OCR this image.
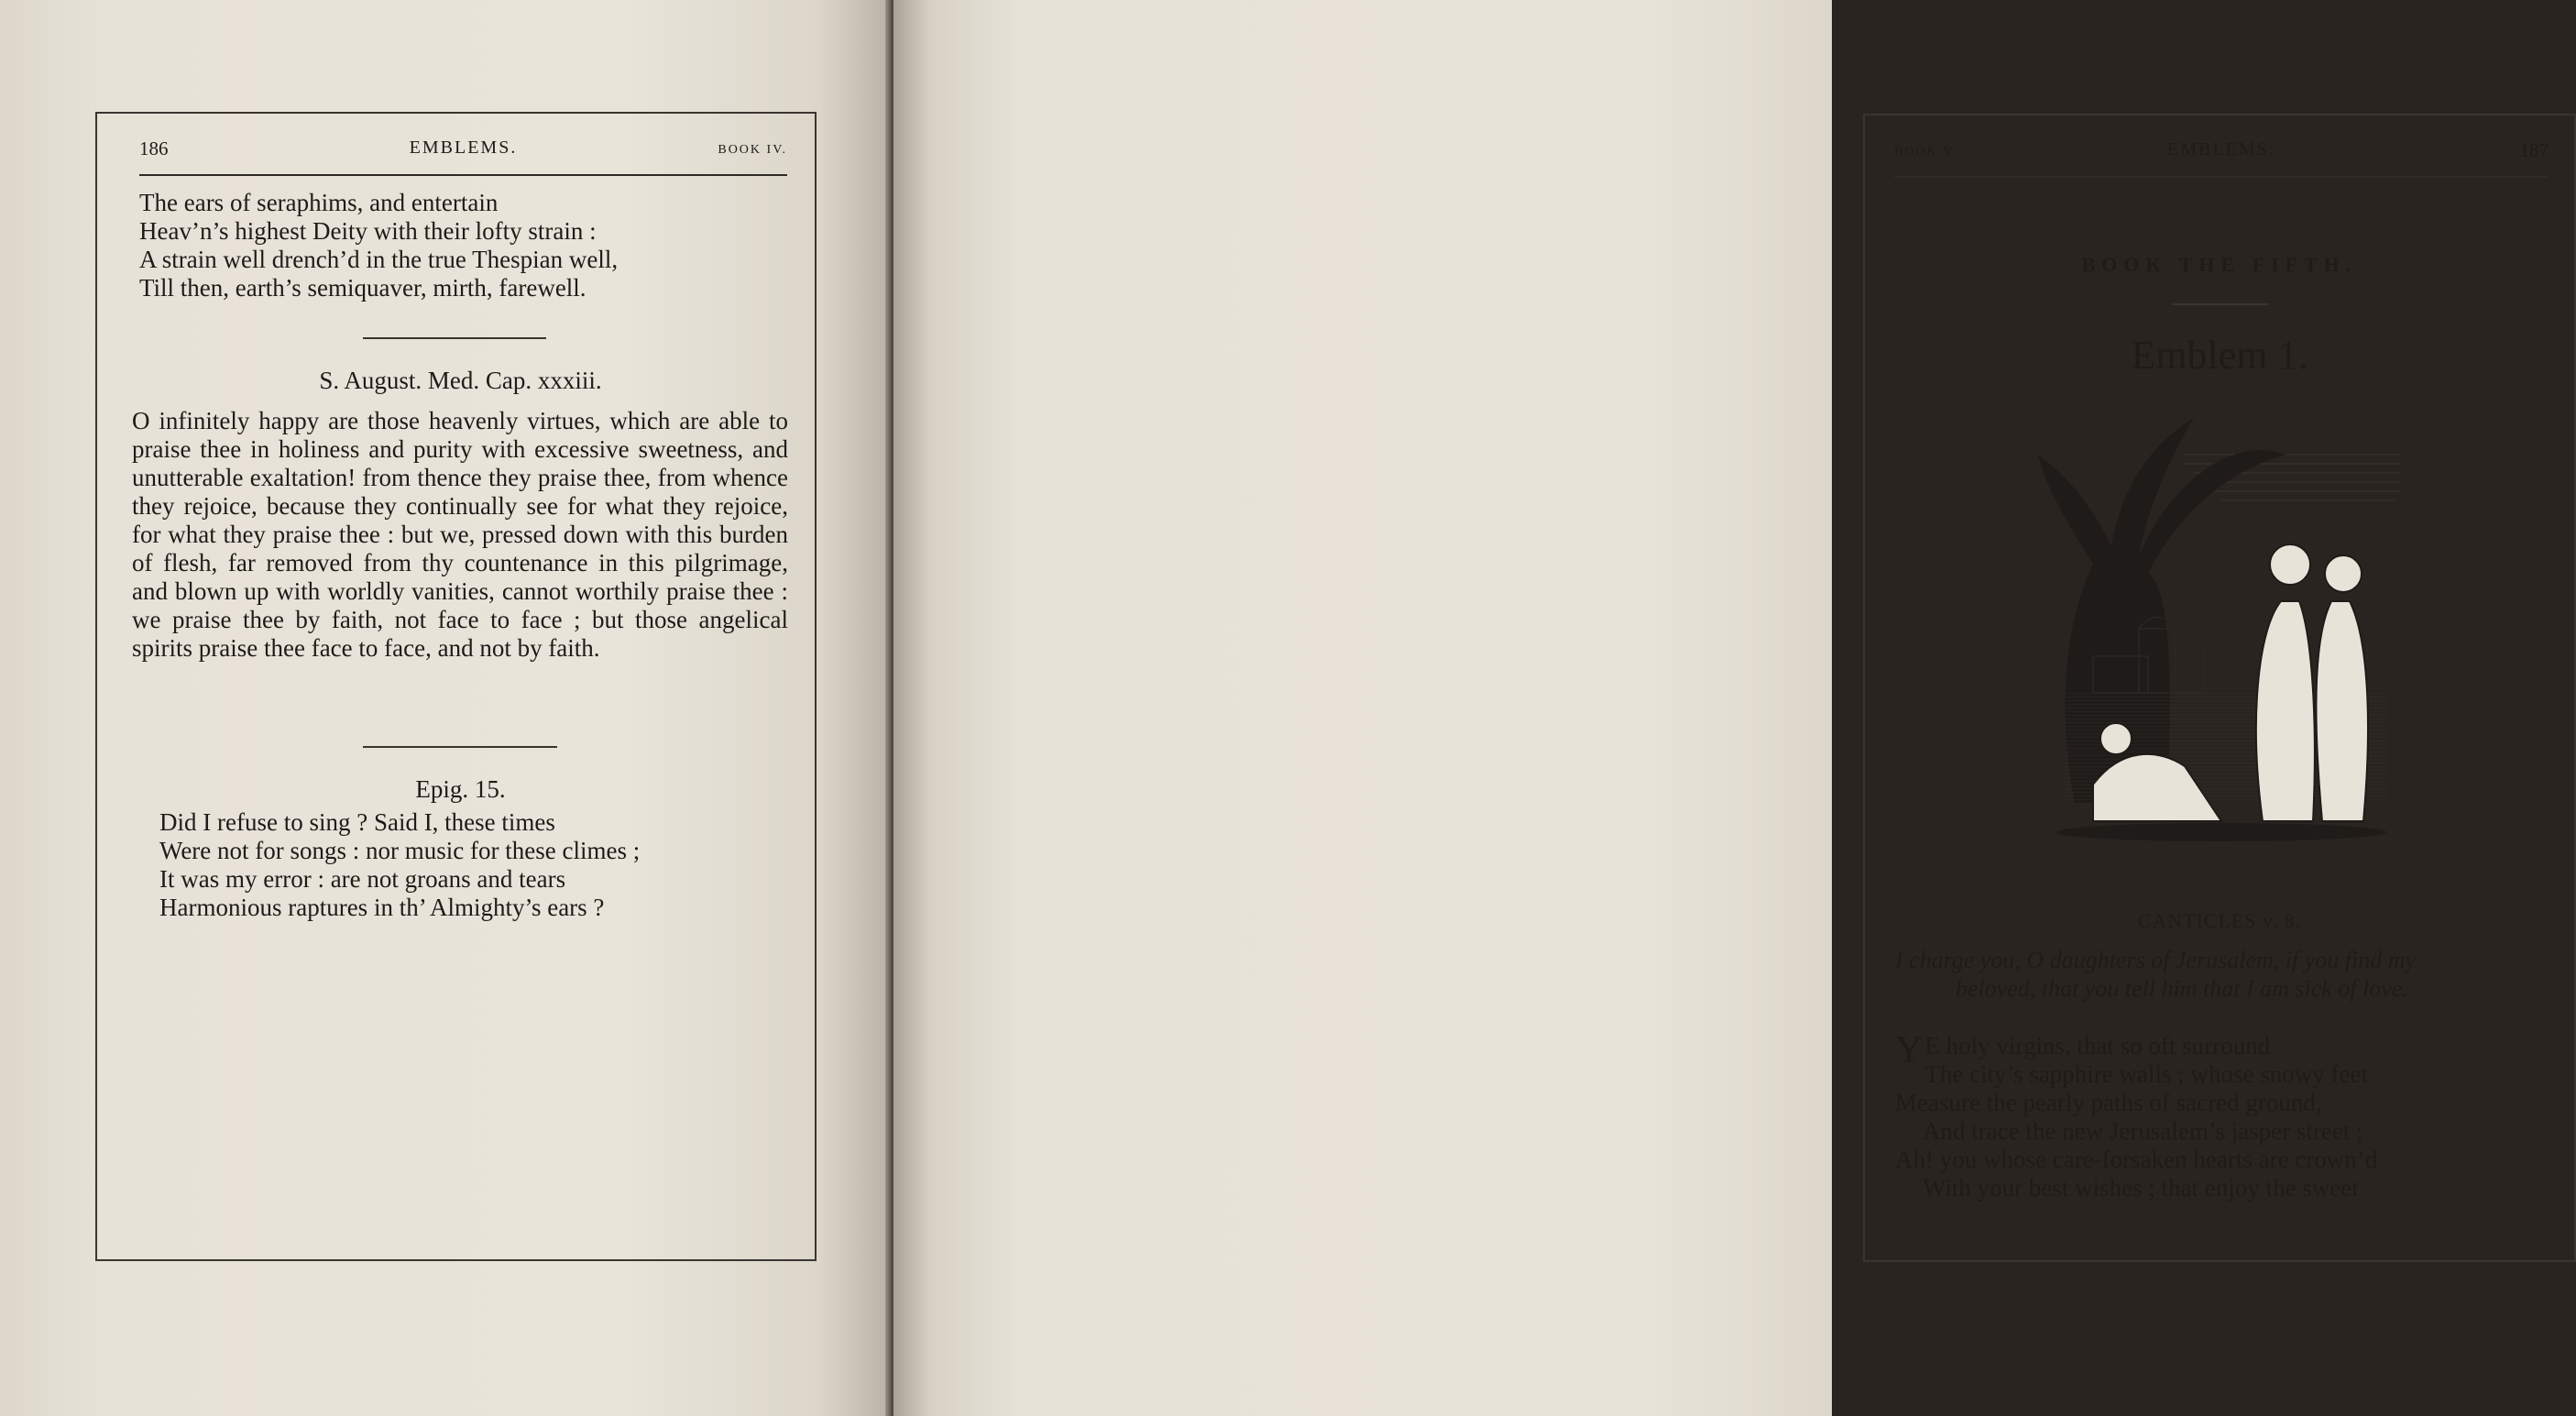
186	EMBLEMS.	BOOK IV.
The ears of seraphims, and entertain
Heav’n’s highest Deity with their lofty strain :
A strain well drench’d in the true Thespian well,
Till then, earth’s semiquaver, mirth, farewell.
S. August. Med. Cap. xxxiii.

O infinitely happy are those heavenly virtues, which are able to praise thee in holiness and purity with excessive sweetness, and unutterable exaltation! from thence they praise thee, from whence they rejoice, because they continually see for what they rejoice, for what they praise thee : but we, pressed down with this burden of flesh, far removed from thy countenance in this pilgrimage, and blown up with worldly vanities, cannot worthily praise thee : we praise thee by faith, not face to face ; but those angelical spirits praise thee face to face, and not by faith.

Epig. 15.
Did I refuse to sing ? Said I, these times
Were not for songs : nor music for these climes ;
It was my error : are not groans and tears
Harmonious raptures in th’ Almighty’s ears ?
BOOK V.	EMBLEMS.	187
BOOK THE FIFTH.
Emblem 1.
CANTICLES v. 8.
I charge you, O daughters of Jerusalem, if you find my
beloved, that you tell him that I am sick of love.
Y E holy virgins, that so oft surround
The city’s sapphire walls ; whose snowy feet
Measure the pearly paths of sacred ground,
And trace the new Jerusalem’s jasper street ;
Ah! you whose care-forsaken hearts are crown’d
With your best wishes ; that enjoy the sweet
